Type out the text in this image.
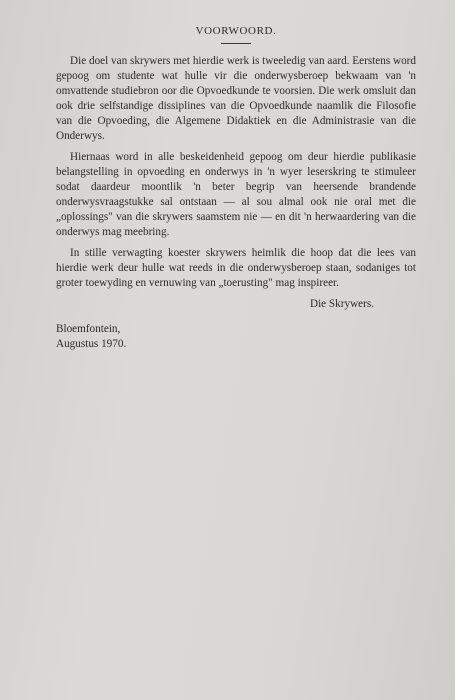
VOORWOORD.

Die doel van skrywers met hierdie werk is tweeledig van aard. Eerstens word gepoog om studente wat hulle vir die onderwysberoep bekwaam van 'n omvattende studiebron oor die Opvoedkunde te voorsien. Die werk omsluit dan ook drie selfstandige dissiplines van die Opvoedkunde naamlik die Filosofie van die Opvoeding, die Algemene Didaktiek en die Administrasie van die Onderwys.

Hiernaas word in alle beskeidenheid gepoog om deur hierdie publikasie belangstelling in opvoeding en onderwys in 'n wyer leserskring te stimuleer sodat daardeur moontlik 'n beter begrip van heersende brandende onderwysvraagstukke sal ontstaan — al sou almal ook nie oral met die „oplossings" van die skrywers saamstem nie — en dit 'n herwaardering van die onderwys mag meebring.

In stille verwagting koester skrywers heimlik die hoop dat die lees van hierdie werk deur hulle wat reeds in die onderwysberoep staan, sodaniges tot groter toewyding en vernuwing van „toerusting" mag inspireer.

Die Skrywers.

Bloemfontein,

Augustus 1970.
